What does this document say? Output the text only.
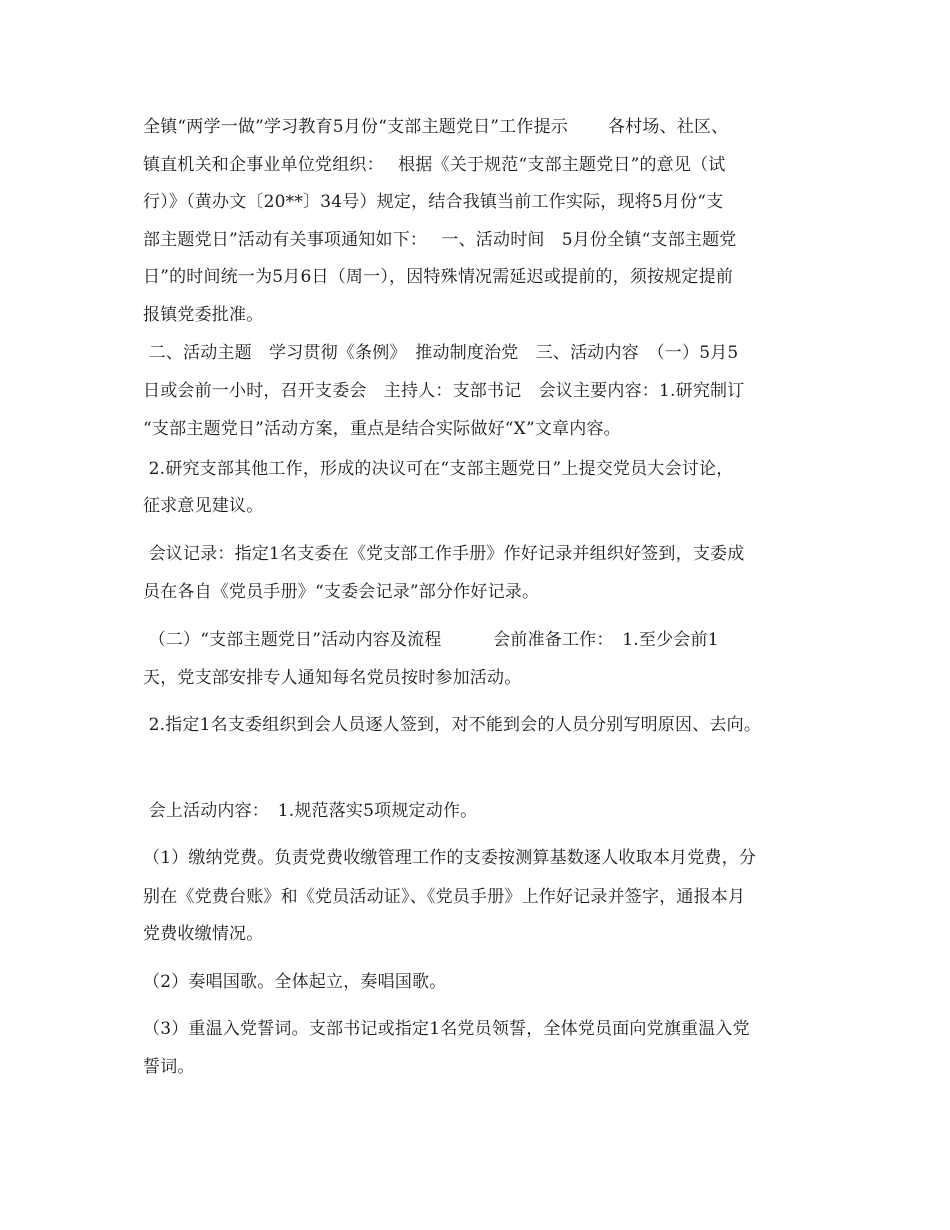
全镇“两学一做”学习教育5月份“支部主题党日”工作提示　　 各村场、社区、
镇直机关和企事业单位党组织：　 根据《关于规范“支部主题党日”的意见（试
行）》（黄办文〔20**〕34号）规定，结合我镇当前工作实际，现将5月份“支
部主题党日”活动有关事项通知如下：　 一、活动时间　5月份全镇“支部主题党
日”的时间统一为5月6日（周一），因特殊情况需延迟或提前的，须按规定提前
报镇党委批准。
二、活动主题　学习贯彻《条例》　推动制度治党　三、活动内容　（一）5月5
日或会前一小时，召开支委会　主持人：支部书记　会议主要内容：1.研究制订
“支部主题党日”活动方案，重点是结合实际做好“X”文章内容。
2.研究支部其他工作，形成的决议可在“支部主题党日”上提交党员大会讨论，
征求意见建议。
会议记录：指定1名支委在《党支部工作手册》作好记录并组织好签到，支委成
员在各自《党员手册》“支委会记录”部分作好记录。
（二）“支部主题党日”活动内容及流程　　　会前准备工作：　1.至少会前1
天，党支部安排专人通知每名党员按时参加活动。
2.指定1名支委组织到会人员逐人签到，对不能到会的人员分别写明原因、去向。
会上活动内容：　1.规范落实5项规定动作。
（1）缴纳党费。负责党费收缴管理工作的支委按测算基数逐人收取本月党费，分
别在《党费台账》和《党员活动证》、《党员手册》上作好记录并签字，通报本月
党费收缴情况。
（2）奏唱国歌。全体起立，奏唱国歌。
（3）重温入党誓词。支部书记或指定1名党员领誓，全体党员面向党旗重温入党
誓词。
